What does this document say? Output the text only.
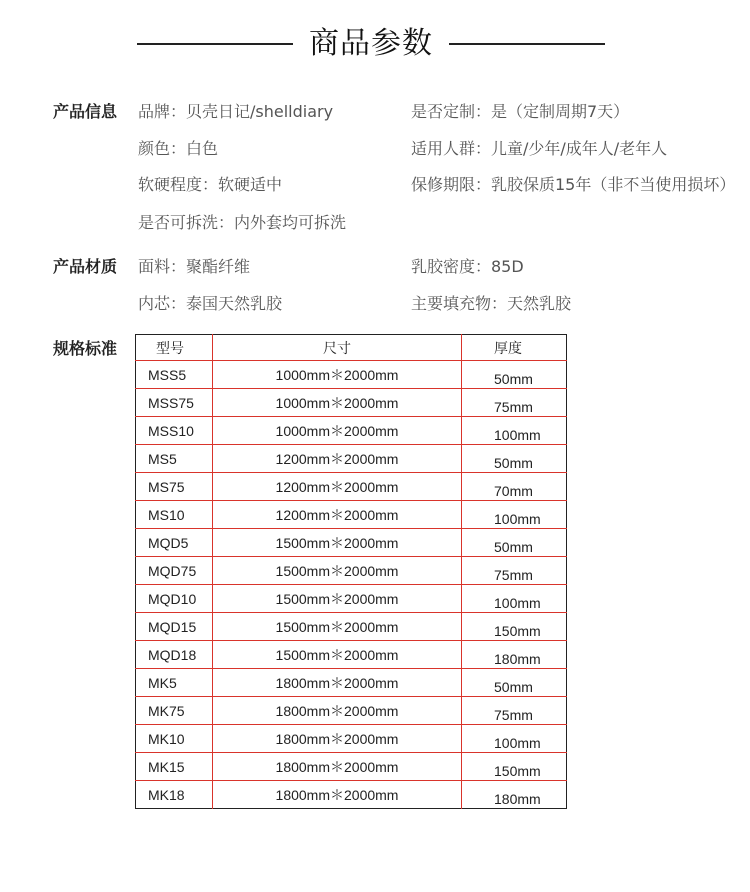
商品参数
产品信息 品牌：贝壳日记/shelldiary	是否定制：是（定制周期7天）
颜色：白色	适用人群：儿童/少年/成年人/老年人
软硬程度：软硬适中	保修期限：乳胶保质15年（非不当使用损坏）
是否可拆洗：内外套均可拆洗
产品材质 面料：聚酯纤维	乳胶密度：85D
内芯：泰国天然乳胶	主要填充物：天然乳胶
规格标准	型号	尺寸	厚度
MSS5	1000mm＊2000mm	50mm
MSS75	1000mm＊2000mm	75mm
MSS10	1000mm＊2000mm	100mm
MS5	1200mm＊2000mm	50mm
MS75	1200mm＊2000mm	70mm
MS10	1200mm＊2000mm	100mm
MQD5	1500mm＊2000mm	50mm
MQD75	1500mm＊2000mm	75mm
MQD10	1500mm＊2000mm	100mm
MQD15	1500mm＊2000mm	150mm
MQD18	1500mm＊2000mm	180mm
MK5	1800mm＊2000mm	50mm
MK75	1800mm＊2000mm	75mm
MK10	1800mm＊2000mm	100mm
MK15	1800mm＊2000mm	150mm
MK18	1800mm＊2000mm	180mm
